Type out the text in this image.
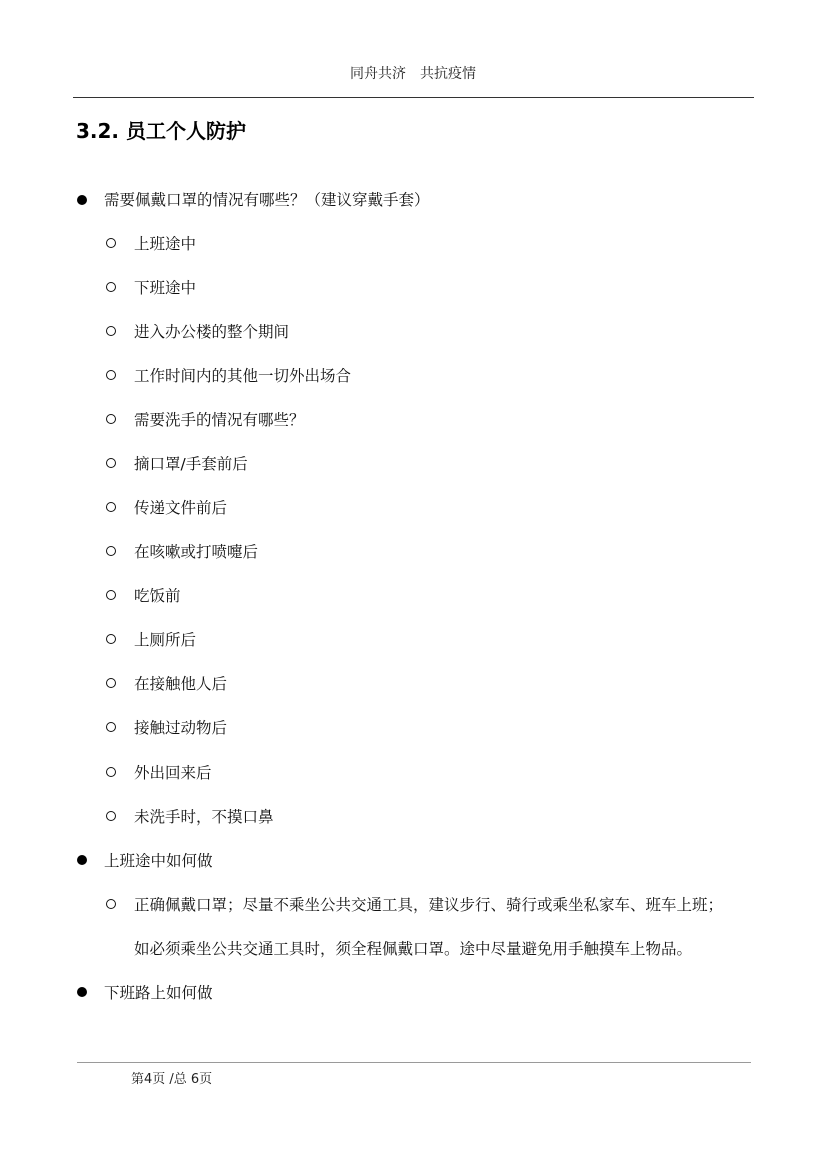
同舟共济　共抗疫情
3.2. 员工个人防护
需要佩戴口罩的情况有哪些？（建议穿戴手套）
上班途中
下班途中
进入办公楼的整个期间
工作时间内的其他一切外出场合
需要洗手的情况有哪些？
摘口罩/手套前后
传递文件前后
在咳嗽或打喷嚏后
吃饭前
上厕所后
在接触他人后
接触过动物后
外出回来后
未洗手时，不摸口鼻
上班途中如何做
正确佩戴口罩；尽量不乘坐公共交通工具，建议步行、骑行或乘坐私家车、班车上班；
如必须乘坐公共交通工具时，须全程佩戴口罩。途中尽量避免用手触摸车上物品。
下班路上如何做
第4页 /总 6页
